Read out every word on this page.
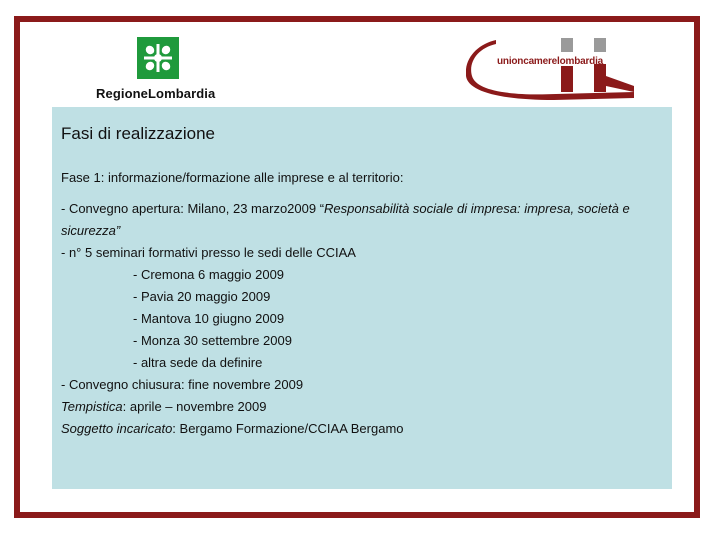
RegioneLombardia
unioncamerelombardia
Fasi di realizzazione
Fase 1: informazione/formazione alle imprese e al territorio:
- Convegno apertura: Milano, 23 marzo2009 “Responsabilità sociale di impresa: impresa, società e sicurezza”
- n° 5 seminari formativi presso le sedi delle CCIAA
- Cremona 6 maggio 2009
- Pavia 20 maggio 2009
- Mantova 10 giugno 2009
- Monza 30 settembre 2009
- altra sede da definire
- Convegno chiusura: fine novembre 2009
Tempistica: aprile – novembre 2009
Soggetto incaricato: Bergamo Formazione/CCIAA Bergamo
